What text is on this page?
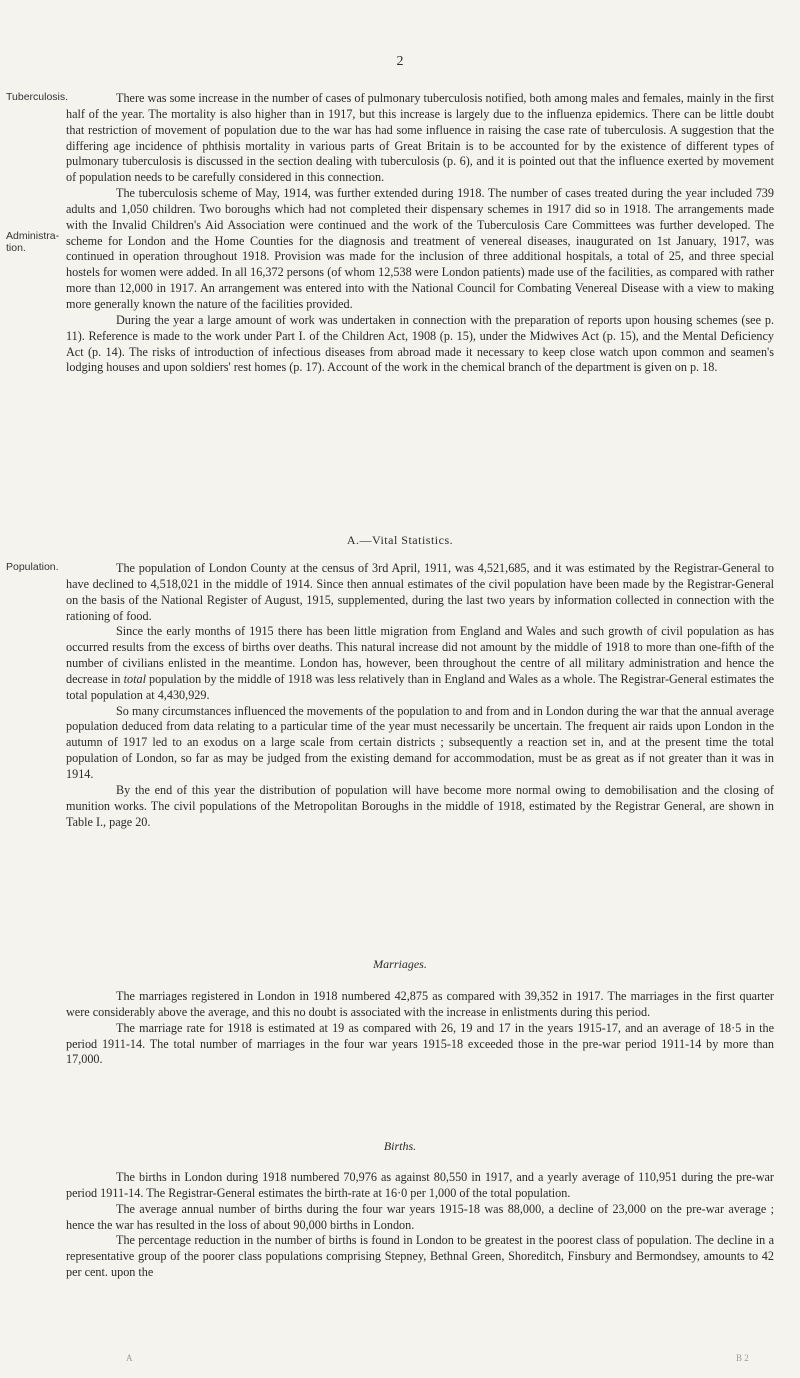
2
Tuberculosis.
Administra- tion.
Population.

There was some increase in the number of cases of pulmonary tuberculosis notified, both among males and females, mainly in the first half of the year. The mortality is also higher than in 1917, but this increase is largely due to the influenza epidemics. There can be little doubt that restriction of movement of population due to the war has had some influence in raising the case rate of tuberculosis. A suggestion that the differing age incidence of phthisis mortality in various parts of Great Britain is to be accounted for by the existence of different types of pulmonary tuberculosis is discussed in the section dealing with tuberculosis (p. 6), and it is pointed out that the influence exerted by movement of population needs to be carefully considered in this connection.

The tuberculosis scheme of May, 1914, was further extended during 1918. The number of cases treated during the year included 739 adults and 1,050 children. Two boroughs which had not completed their dispensary schemes in 1917 did so in 1918. The arrangements made with the Invalid Children's Aid Association were continued and the work of the Tuberculosis Care Committees was further developed. The scheme for London and the Home Counties for the diagnosis and treatment of venereal diseases, inaugurated on 1st January, 1917, was continued in operation throughout 1918. Provision was made for the inclusion of three additional hospitals, a total of 25, and three special hostels for women were added. In all 16,372 persons (of whom 12,538 were London patients) made use of the facilities, as compared with rather more than 12,000 in 1917. An arrangement was entered into with the National Council for Combating Venereal Disease with a view to making more generally known the nature of the facilities provided.

During the year a large amount of work was undertaken in connection with the preparation of reports upon housing schemes (see p. 11). Reference is made to the work under Part I. of the Children Act, 1908 (p. 15), under the Midwives Act (p. 15), and the Mental Deficiency Act (p. 14). The risks of introduction of infectious diseases from abroad made it necessary to keep close watch upon common and seamen's lodging houses and upon soldiers' rest homes (p. 17). Account of the work in the chemical branch of the department is given on p. 18.

A.—Vital Statistics.

The population of London County at the census of 3rd April, 1911, was 4,521,685, and it was estimated by the Registrar-General to have declined to 4,518,021 in the middle of 1914. Since then annual estimates of the civil population have been made by the Registrar-General on the basis of the National Register of August, 1915, supplemented, during the last two years by information collected in connection with the rationing of food.

Since the early months of 1915 there has been little migration from England and Wales and such growth of civil population as has occurred results from the excess of births over deaths. This natural increase did not amount by the middle of 1918 to more than one-fifth of the number of civilians enlisted in the meantime. London has, however, been throughout the centre of all military administration and hence the decrease in total population by the middle of 1918 was less relatively than in England and Wales as a whole. The Registrar-General estimates the total population at 4,430,929.

So many circumstances influenced the movements of the population to and from and in London during the war that the annual average population deduced from data relating to a particular time of the year must necessarily be uncertain. The frequent air raids upon London in the autumn of 1917 led to an exodus on a large scale from certain districts ; subsequently a reaction set in, and at the present time the total population of London, so far as may be judged from the existing demand for accommodation, must be as great as if not greater than it was in 1914.

By the end of this year the distribution of population will have become more normal owing to demobilisation and the closing of munition works. The civil populations of the Metropolitan Boroughs in the middle of 1918, estimated by the Registrar General, are shown in Table I., page 20.

Marriages.

The marriages registered in London in 1918 numbered 42,875 as compared with 39,352 in 1917. The marriages in the first quarter were considerably above the average, and this no doubt is associated with the increase in enlistments during this period.

The marriage rate for 1918 is estimated at 19 as compared with 26, 19 and 17 in the years 1915-17, and an average of 18·5 in the period 1911-14. The total number of marriages in the four war years 1915-18 exceeded those in the pre-war period 1911-14 by more than 17,000.

Births.

The births in London during 1918 numbered 70,976 as against 80,550 in 1917, and a yearly average of 110,951 during the pre-war period 1911-14. The Registrar-General estimates the birth-rate at 16·0 per 1,000 of the total population.

The average annual number of births during the four war years 1915-18 was 88,000, a decline of 23,000 on the pre-war average ; hence the war has resulted in the loss of about 90,000 births in London.

The percentage reduction in the number of births is found in London to be greatest in the poorest class of population. The decline in a representative group of the poorer class populations comprising Stepney, Bethnal Green, Shoreditch, Finsbury and Bermondsey, amounts to 42 per cent. upon the

A	B 2
